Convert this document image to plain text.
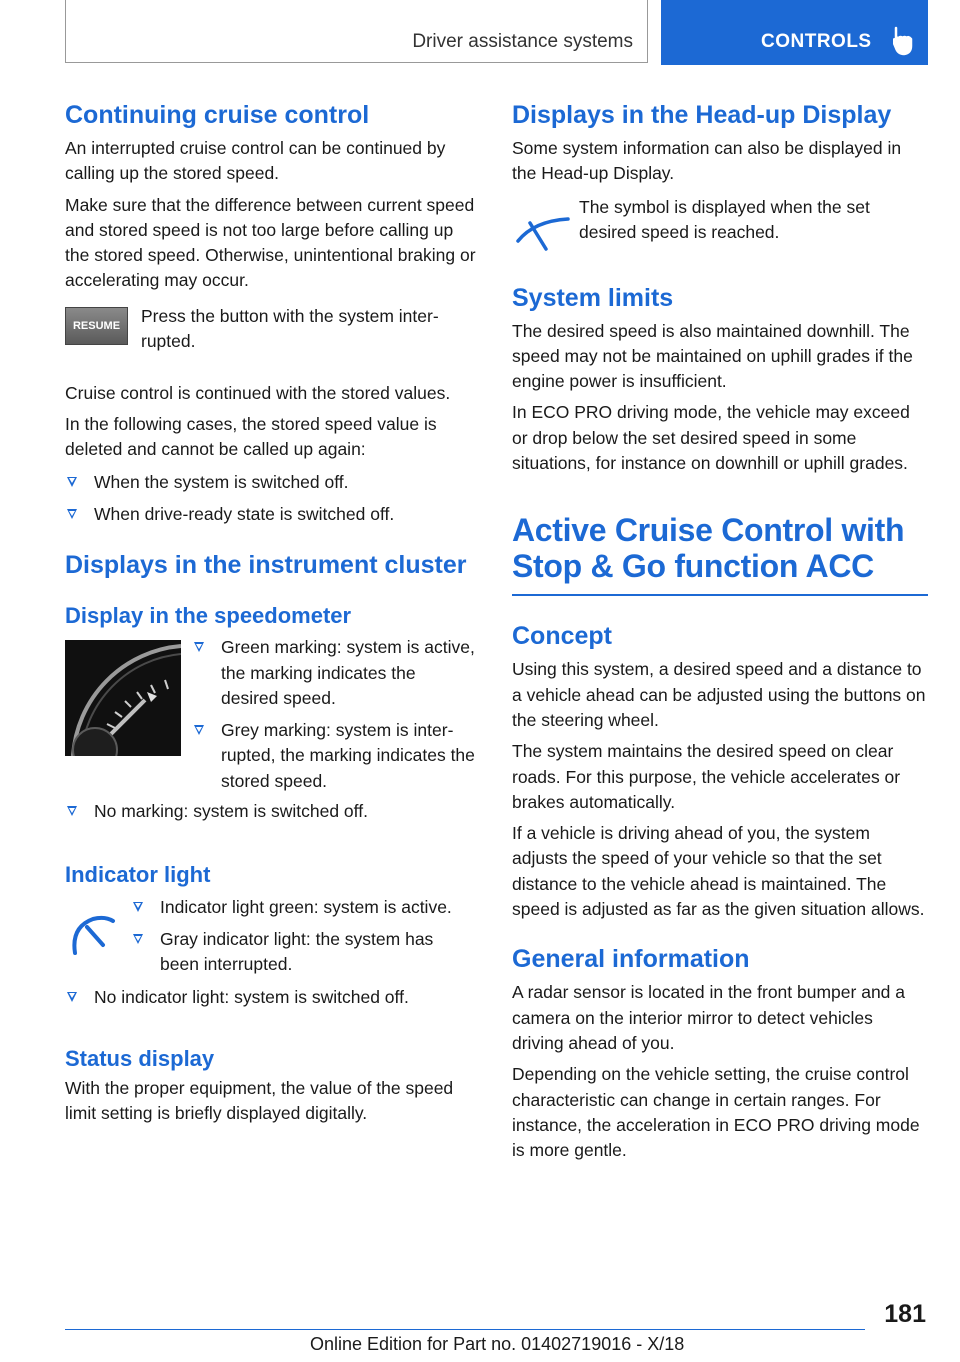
Driver assistance systems	CONTROLS
Continuing cruise control

An interrupted cruise control can be continued by calling up the stored speed.

Make sure that the difference between current speed and stored speed is not too large before calling up the stored speed. Otherwise, unintentional braking or accelerating may occur.

RESUME	Press the button with the system interrupted.

Cruise control is continued with the stored values.

In the following cases, the stored speed value is deleted and cannot be called up again:

When the system is switched off.
When drive-ready state is switched off.
Displays in the instrument cluster
Display in the speedometer
Green marking: system is active, the marking indicates the desired speed.
Grey marking: system is interrupted, the marking indicates the stored speed.
No marking: system is switched off.
Indicator light
Indicator light green: system is active.
Gray indicator light: the system has been interrupted.
No indicator light: system is switched off.
Status display

With the proper equipment, the value of the speed limit setting is briefly displayed digitally.

Displays in the Head-up Display

Some system information can also be displayed in the Head-up Display.

The symbol is displayed when the set desired speed is reached.

System limits

The desired speed is also maintained downhill. The speed may not be maintained on uphill grades if the engine power is insufficient.

In ECO PRO driving mode, the vehicle may exceed or drop below the set desired speed in some situations, for instance on downhill or uphill grades.

Active Cruise Control with Stop & Go function ACC
Concept

Using this system, a desired speed and a distance to a vehicle ahead can be adjusted using the buttons on the steering wheel.

The system maintains the desired speed on clear roads. For this purpose, the vehicle accelerates or brakes automatically.

If a vehicle is driving ahead of you, the system adjusts the speed of your vehicle so that the set distance to the vehicle ahead is maintained. The speed is adjusted as far as the given situation allows.

General information

A radar sensor is located in the front bumper and a camera on the interior mirror to detect vehicles driving ahead of you.

Depending on the vehicle setting, the cruise control characteristic can change in certain ranges. For instance, the acceleration in ECO PRO driving mode is more gentle.

181
Online Edition for Part no. 01402719016 - X/18
